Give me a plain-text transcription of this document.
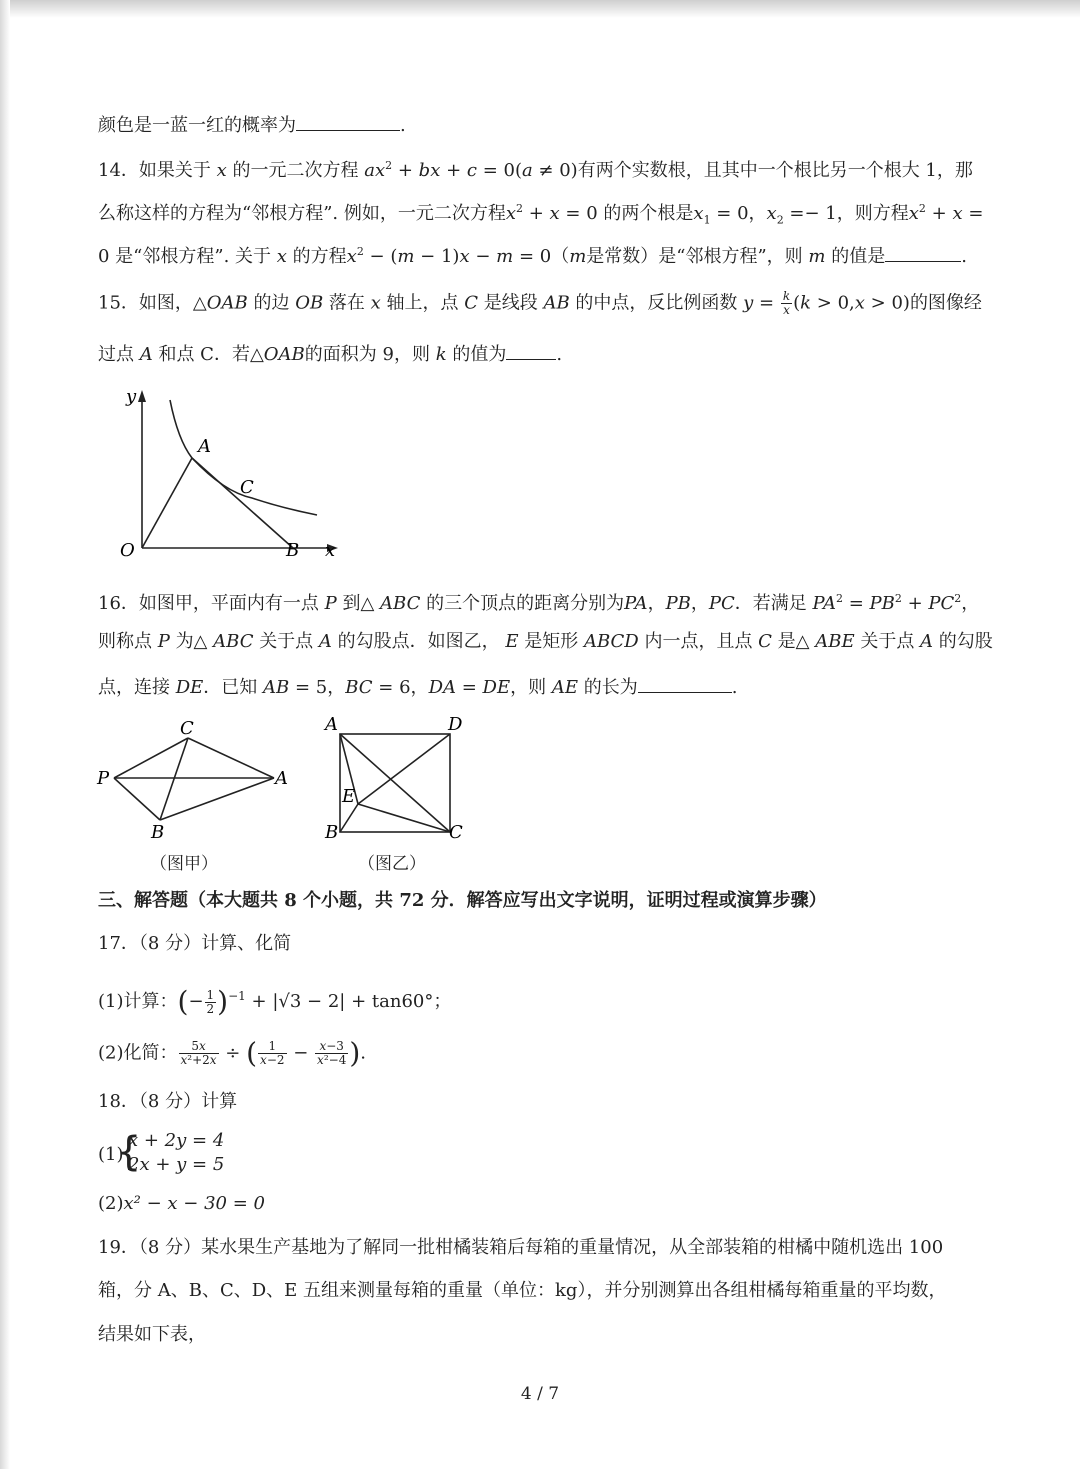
颜色是一蓝一红的概率为	.
14．如果关于 x 的一元二次方程 $ax^2$ + bx + c = 0(a ≠ 0)有两个实数根，且其中一个根比另一个根大 1，那
么称这样的方程为“邻根方程”. 例如，一元二次方程$x^2 + x = 0$ 的两个根是$x_1 = 0$，$x_2 =- 1$，则方程$x^2 + x$ =
0 是“邻根方程”. 关于 x 的方程$x^2 - (m - 1)x - m = 0(m$是常数）是“邻根方程”，则 m 的值是	.
15．如图，△OAB 的边 OB 落在 x 轴上，点 C 是线段 AB 的中点，反比例函数 $y = \frac{k}{x} (k > 0,x > 0)$的图像经
过点 A 和点 C．若△OAB的面积为 9，则 k 的值为	.
y
x
O
A
C
B
16．如图甲，平面内有一点 P 到△ ABC 的三个顶点的距离分别为PA，PB，PC．若满足 $PA^2 = PB^2 + PC^2$，
则称点 P 为△ ABC 关于点 A 的勾股点．如图乙， E 是矩形 ABCD 内一点，且点 C 是△ ABE 关于点 A 的勾股
点，连接 DE．已知 AB = 5，BC = 6，DA = DE，则 AE 的长为	.
C
P	A
B
（图甲）
A	D
E
B	C
（图乙）
三、解答题（本大题共 8 个小题，共 72 分．解答应写出文字说明，证明过程或演算步骤）
17．（8 分）计算、化简
(1)计算：(− $\frac{1}{2} )^{-1} + |√3 - 2| + \tan 60^\circ$；
(2)化简： $\frac{5x}{\text{x²+2x}}$ ÷ ( $\frac{1}{x-2} - \frac{x-3}{\text{x²−4}}$ ).
18．（8 分）计算
(1)
{
x + 2y = 4
2x + y = 5
(2)x² − x − 30 = 0
19．（8 分）某水果生产基地为了解同一批柑橘装箱后每箱的重量情况，从全部装箱的柑橘中随机选出 100
箱，分 A、B、C、D、E 五组来测量每箱的重量（单位：kg），并分别测算出各组柑橘每箱重量的平均数，
结果如下表，
4 / 7
